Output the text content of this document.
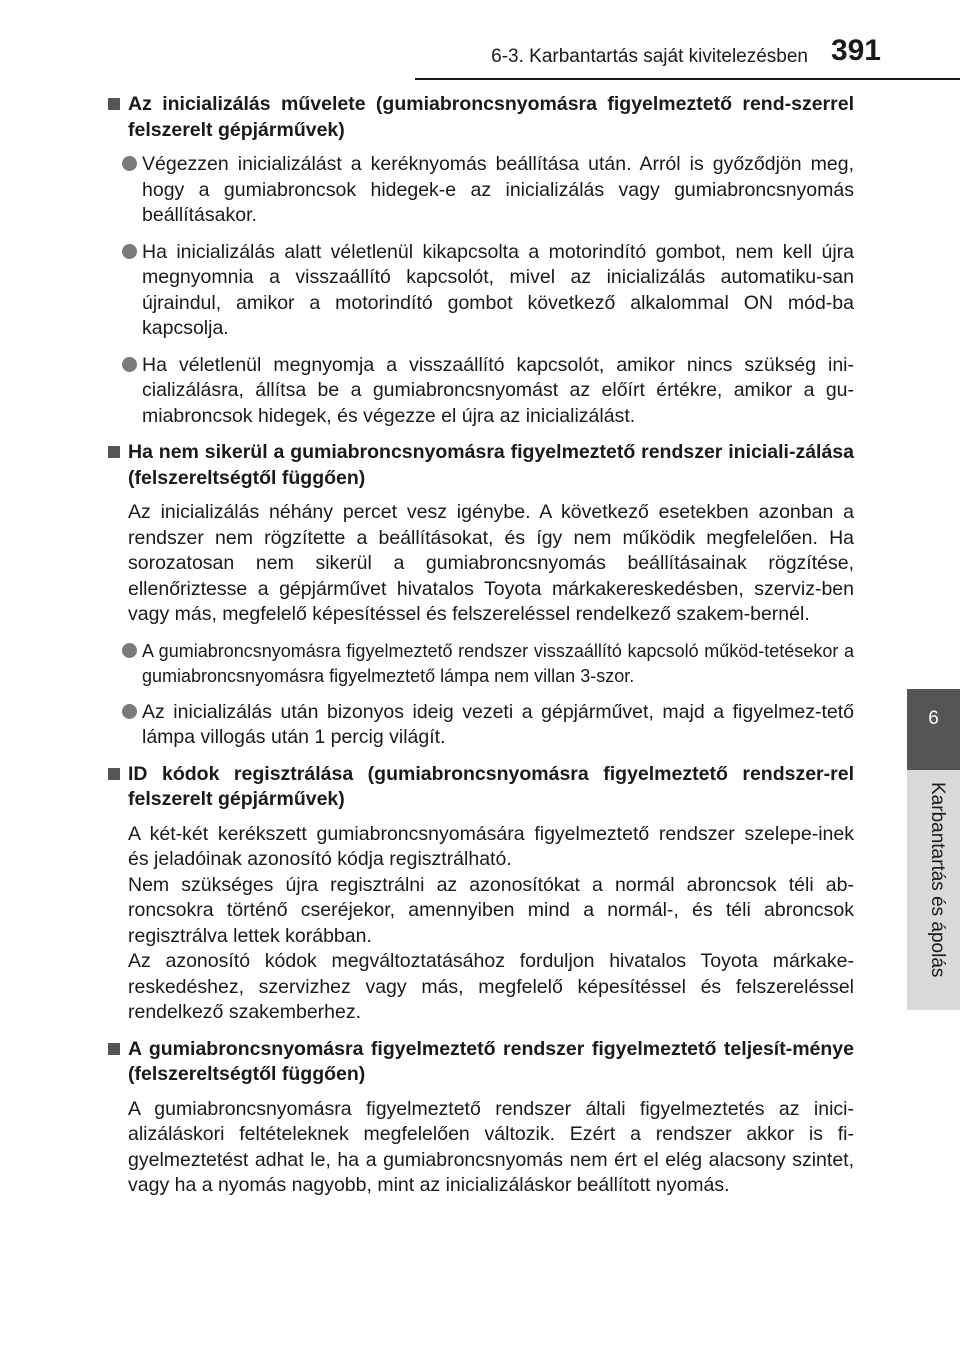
6-3. Karbantartás saját kivitelezésben 391
6
Karbantartás és ápolás
Az inicializálás művelete (gumiabroncsnyomásra figyelmeztető rend-szerrel felszerelt gépjárművek)
Végezzen inicializálást a keréknyomás beállítása után. Arról is győződjön meg, hogy a gumiabroncsok hidegek-e az inicializálás vagy gumiabroncsnyomás beállításakor.
Ha inicializálás alatt véletlenül kikapcsolta a motorindító gombot, nem kell újra megnyomnia a visszaállító kapcsolót, mivel az inicializálás automatiku-san újraindul, amikor a motorindító gombot következő alkalommal ON mód-ba kapcsolja.
Ha véletlenül megnyomja a visszaállító kapcsolót, amikor nincs szükség ini-cializálásra, állítsa be a gumiabroncsnyomást az előírt értékre, amikor a gu-miabroncsok hidegek, és végezze el újra az inicializálást.
Ha nem sikerül a gumiabroncsnyomásra figyelmeztető rendszer iniciali-zálása (felszereltségtől függően)
Az inicializálás néhány percet vesz igénybe. A következő esetekben azonban a rendszer nem rögzítette a beállításokat, és így nem működik megfelelően. Ha sorozatosan nem sikerül a gumiabroncsnyomás beállításainak rögzítése, ellenőriztesse a gépjárművet hivatalos Toyota márkakereskedésben, szerviz-ben vagy más, megfelelő képesítéssel és felszereléssel rendelkező szakem-bernél.
A gumiabroncsnyomásra figyelmeztető rendszer visszaállító kapcsoló működ-tetésekor a gumiabroncsnyomásra figyelmeztető lámpa nem villan 3-szor.
Az inicializálás után bizonyos ideig vezeti a gépjárművet, majd a figyelmez-tető lámpa villogás után 1 percig világít.
ID kódok regisztrálása (gumiabroncsnyomásra figyelmeztető rendszer-rel felszerelt gépjárművek)
A két-két kerékszett gumiabroncsnyomására figyelmeztető rendszer szelepe-inek és jeladóinak azonosító kódja regisztrálható.
Nem szükséges újra regisztrálni az azonosítókat a normál abroncsok téli ab-roncsokra történő cseréjekor, amennyiben mind a normál-, és téli abroncsok regisztrálva lettek korábban.
Az azonosító kódok megváltoztatásához forduljon hivatalos Toyota márkake-reskedéshez, szervizhez vagy más, megfelelő képesítéssel és felszereléssel rendelkező szakemberhez.
A gumiabroncsnyomásra figyelmeztető rendszer figyelmeztető teljesít-ménye (felszereltségtől függően)
A gumiabroncsnyomásra figyelmeztető rendszer általi figyelmeztetés az inici-alizáláskori feltételeknek megfelelően változik. Ezért a rendszer akkor is fi-gyelmeztetést adhat le, ha a gumiabroncsnyomás nem ért el elég alacsony szintet, vagy ha a nyomás nagyobb, mint az inicializáláskor beállított nyomás.
